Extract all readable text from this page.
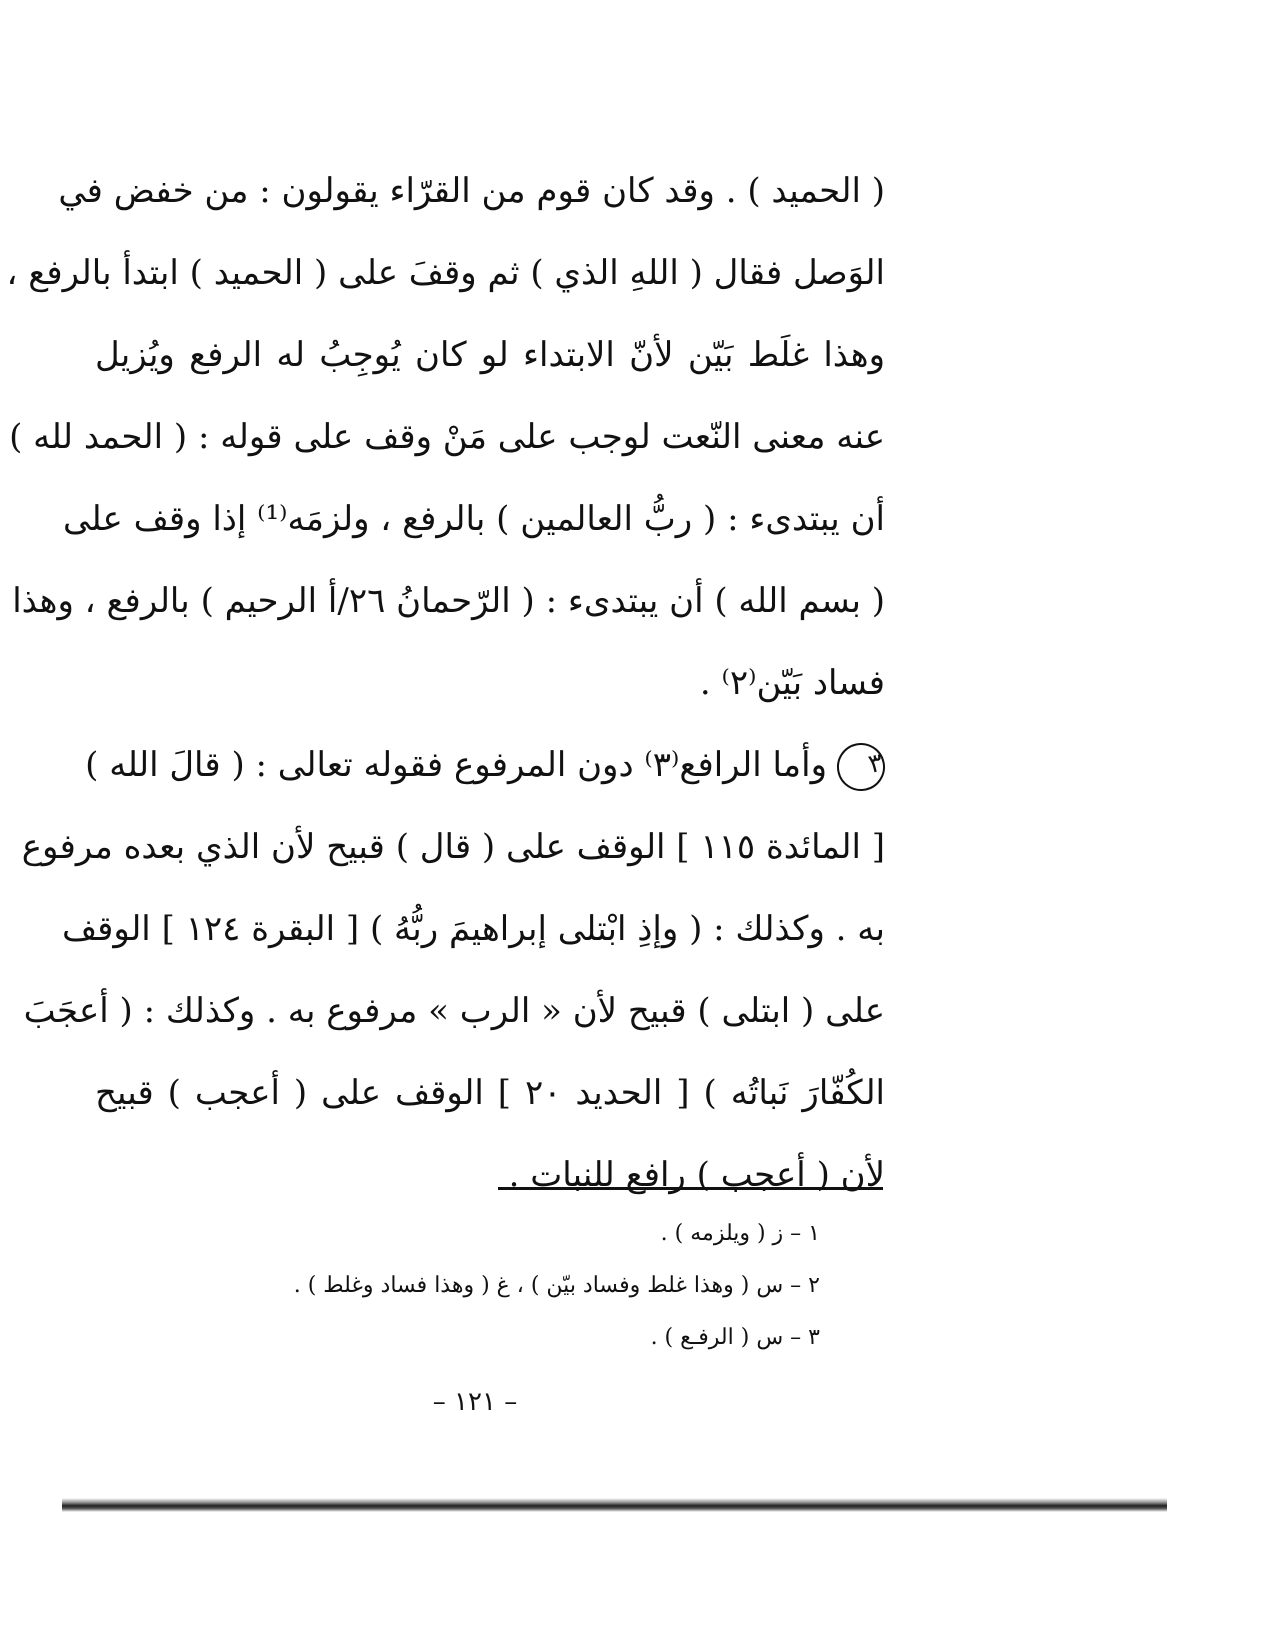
( الحميد ) . وقد كان قوم من القرّاء يقولون : من خفض في
الوَصل فقال ( اللهِ الذي ) ثم وقفَ على ( الحميد ) ابتدأ بالرفع ،
وهذا غلَط بَيّن لأنّ الابتداء لو كان يُوجِبُ له الرفع ويُزيل
عنه معنى النّعت لوجب على مَنْ وقف على قوله : ( الحمد لله )
أن يبتدىء : ( ربُّ العالمين ) بالرفع ، ولزمَه⁽¹⁾ إذا وقف على
( بسم الله ) أن يبتدىء : ( الرّحمانُ ٢٦/أ الرحيم ) بالرفع ، وهذا
فساد بَيّن⁽٢⁾ .
٣وأما الرافع⁽٣⁾ دون المرفوع فقوله تعالى : ( قالَ الله )
[ المائدة ١١٥ ] الوقف على ( قال ) قبيح لأن الذي بعده مرفوع
به . وكذلك : ( وإذِ ابْتلى إبراهيمَ ربُّهُ ) [ البقرة ١٢٤ ] الوقف
على ( ابتلى ) قبيح لأن « الرب » مرفوع به . وكذلك : ( أعجَبَ
الكُفّارَ نَباتُه ) [ الحديد ٢٠ ] الوقف على ( أعجب ) قبيح
لأن ( أعجب ) رافع للنبات .
١ – ز ( ويلزمه ) .
٢ – س ( وهذا غلط وفساد بيّن ) ، غ ( وهذا فساد وغلط ) .
٣ – س ( الرفـع ) .
– ١٢١ –
